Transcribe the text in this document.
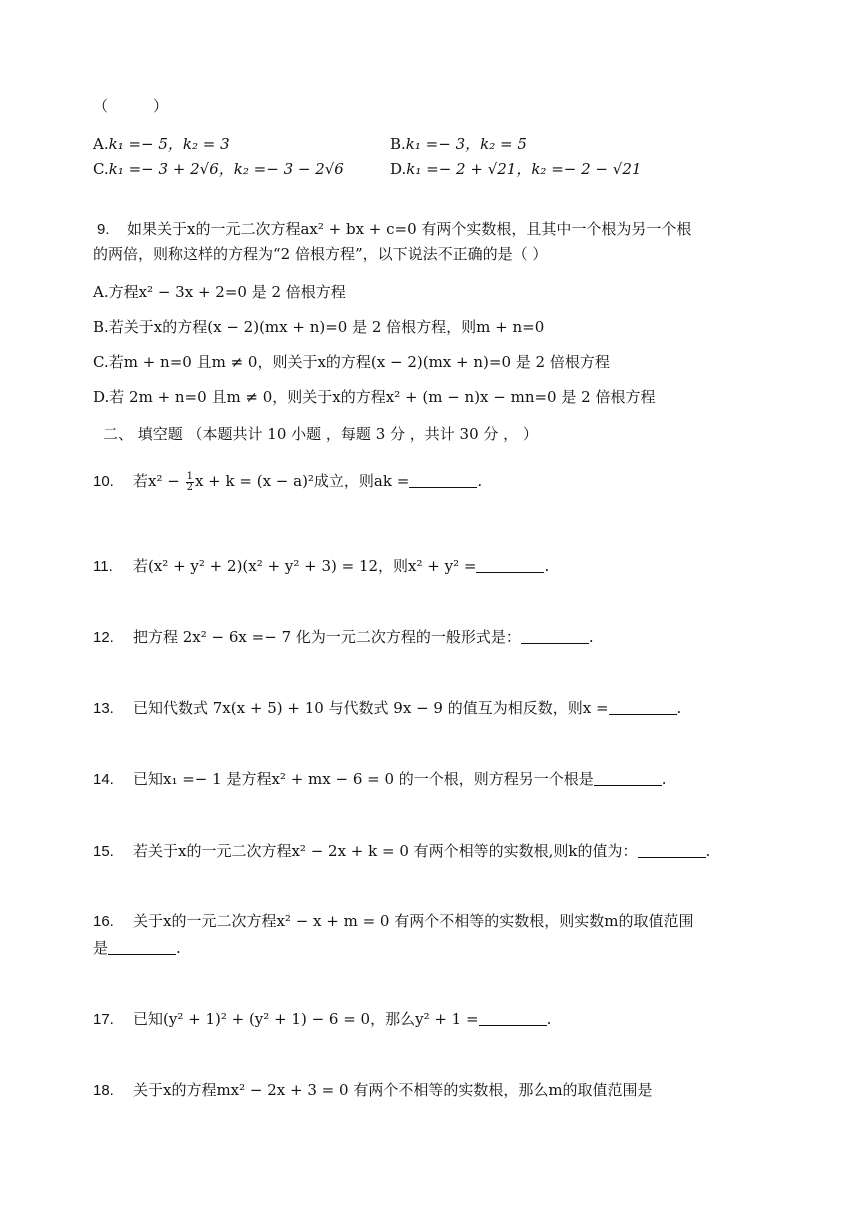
（　　　）
A.k₁ =− 5，k₂ = 3	B.k₁ =− 3，k₂ = 5
C.k₁ =− 3 + 2√6，k₂ =− 3 − 2√6	D.k₁ =− 2 + √21，k₂ =− 2 − √21
9. 如果关于x的一元二次方程ax² + bx + c=0 有两个实数根，且其中一个根为另一个根
的两倍，则称这样的方程为“2 倍根方程”，以下说法不正确的是（ ）
A.方程x² − 3x + 2=0 是 2 倍根方程
B.若关于x的方程(x − 2)(mx + n)=0 是 2 倍根方程，则m + n=0
C.若m + n=0 且m ≠ 0，则关于x的方程(x − 2)(mx + n)=0 是 2 倍根方程
D.若 2m + n=0 且m ≠ 0，则关于x的方程x² + (m − n)x − mn=0 是 2 倍根方程
二、 填空题 （本题共计 10 小题 ，每题 3 分 ，共计 30 分 ， ）
10. 若$x^2 - \frac{1}{2}$ x + k = (x − a)²成立，则ak =	.
11. 若(x² + y² + 2)(x² + y² + 3) = 12，则x² + y² =	.
12. 把方程 2x² − 6x =− 7 化为一元二次方程的一般形式是：	.
13. 已知代数式 7x(x + 5) + 10 与代数式 9x − 9 的值互为相反数，则x =	.
14. 已知x₁ =− 1 是方程x² + mx − 6 = 0 的一个根，则方程另一个根是	.
15. 若关于x的一元二次方程x² − 2x + k = 0 有两个相等的实数根,则k的值为：	.
16. 关于x的一元二次方程x² − x + m = 0 有两个不相等的实数根，则实数m的取值范围
是	.
17. 已知(y² + 1)² + (y² + 1) − 6 = 0，那么y² + 1 =	.
18. 关于x的方程mx² − 2x + 3 = 0 有两个不相等的实数根，那么m的取值范围是
